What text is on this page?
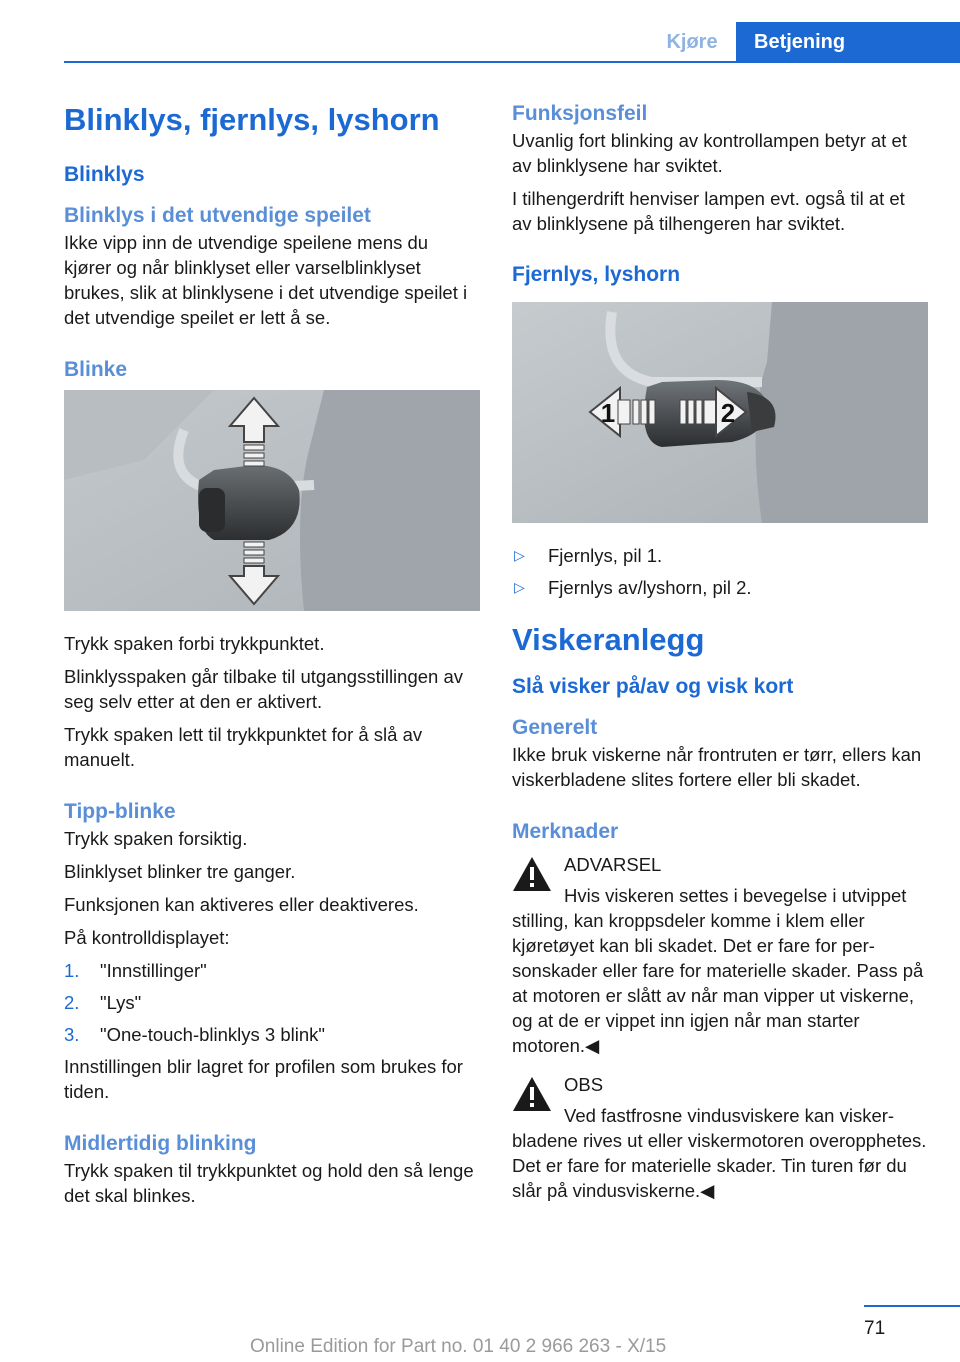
Kjøre	Betjening
Blinklys, fjernlys, lyshorn
Blinklys
Blinklys i det utvendige speilet

Ikke vipp inn de utvendige speilene mens du kjører og når blinklyset eller varselblinklyset brukes, slik at blinklysene i det utvendige speilet i det utvendige speilet er lett å se.

Blinke

Trykk spaken forbi trykkpunktet.

Blinklysspaken går tilbake til utgangsstillingen av seg selv etter at den er aktivert.

Trykk spaken lett til trykkpunktet for å slå av manuelt.

Tipp-blinke

Trykk spaken forsiktig.

Blinklyset blinker tre ganger.

Funksjonen kan aktiveres eller deaktiveres.

På kontrolldisplayet:

1.	"Innstillinger"
2.	"Lys"
3.	"One-touch-blinklys 3 blink"

Innstillingen blir lagret for profilen som brukes for tiden.

Midlertidig blinking

Trykk spaken til trykkpunktet og hold den så lenge det skal blinkes.

Funksjonsfeil

Uvanlig fort blinking av kontrollampen betyr at et av blinklysene har sviktet.

I tilhengerdrift henviser lampen evt. også til at et av blinklysene på tilhengeren har sviktet.

Fjernlys, lyshorn
1	2
▷	Fjernlys, pil 1.
▷	Fjernlys av/lyshorn, pil 2.
Viskeranlegg
Slå visker på/av og visk kort
Generelt

Ikke bruk viskerne når frontruten er tørr, ellers kan viskerbladene slites fortere eller bli skadet.

Merknader
ADVARSEL
Hvis viskeren settes i bevegelse i utvippet stilling, kan kroppsdeler komme i klem eller kjøretøyet kan bli skadet. Det er fare for personskader eller fare for materielle skader. Pass på at motoren er slått av når man vipper ut viskerne, og at de er vippet inn igjen når man starter motoren.◀
OBS
Ved fastfrosne vindusviskere kan viskerbladene rives ut eller viskermotoren overopphetes. Det er fare for materielle skader. Tin turen før du slår på vindusviskerne.◀
71
Online Edition for Part no. 01 40 2 966 263 - X/15
